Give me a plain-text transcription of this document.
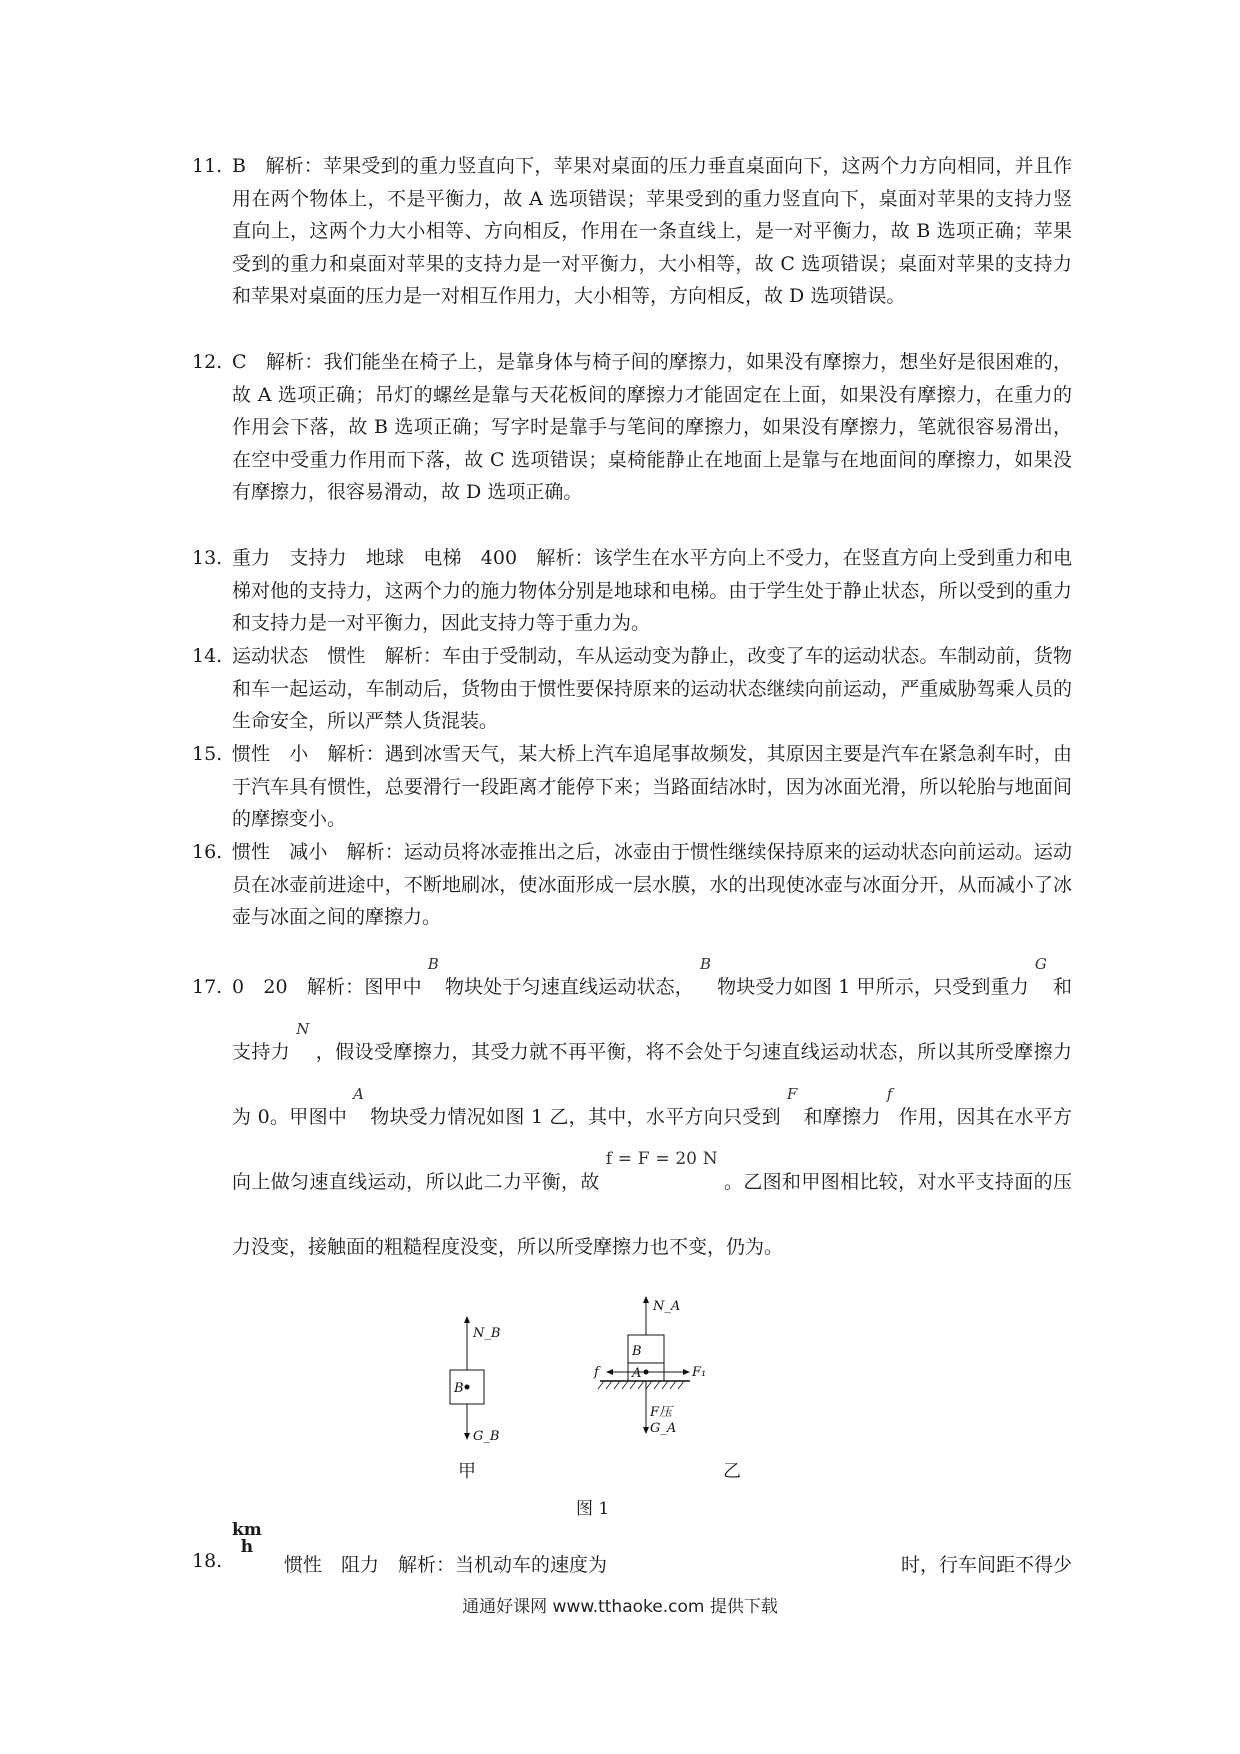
11. B　解析：苹果受到的重力竖直向下，苹果对桌面的压力垂直桌面向下，这两个力方向相同，并且作用在两个物体上，不是平衡力，故 A 选项错误；苹果受到的重力竖直向下，桌面对苹果的支持力竖直向上，这两个力大小相等、方向相反，作用在一条直线上，是一对平衡力，故 B 选项正确；苹果受到的重力和桌面对苹果的支持力是一对平衡力，大小相等，故 C 选项错误；桌面对苹果的支持力和苹果对桌面的压力是一对相互作用力，大小相等，方向相反，故 D 选项错误。
12. C　解析：我们能坐在椅子上，是靠身体与椅子间的摩擦力，如果没有摩擦力，想坐好是很困难的，故 A 选项正确；吊灯的螺丝是靠与天花板间的摩擦力才能固定在上面，如果没有摩擦力，在重力的作用会下落，故 B 选项正确；写字时是靠手与笔间的摩擦力，如果没有摩擦力，笔就很容易滑出，在空中受重力作用而下落，故 C 选项错误；桌椅能静止在地面上是靠与在地面间的摩擦力，如果没有摩擦力，很容易滑动，故 D 选项正确。
13. 重力　支持力　地球　电梯　400　解析：该学生在水平方向上不受力，在竖直方向上受到重力和电梯对他的支持力，这两个力的施力物体分别是地球和电梯。由于学生处于静止状态，所以受到的重力和支持力是一对平衡力，因此支持力等于重力为。
14. 运动状态　惯性　解析：车由于受制动，车从运动变为静止，改变了车的运动状态。车制动前，货物和车一起运动，车制动后，货物由于惯性要保持原来的运动状态继续向前运动，严重威胁驾乘人员的生命安全，所以严禁人货混装。
15. 惯性　小　解析：遇到冰雪天气，某大桥上汽车追尾事故频发，其原因主要是汽车在紧急刹车时，由于汽车具有惯性，总要滑行一段距离才能停下来；当路面结冰时，因为冰面光滑，所以轮胎与地面间的摩擦变小。
16. 惯性　减小　解析：运动员将冰壶推出之后，冰壶由于惯性继续保持原来的运动状态向前运动。运动员在冰壶前进途中，不断地刷冰，使冰面形成一层水膜，水的出现使冰壶与冰面分开，从而减小了冰壶与冰面之间的摩擦力。
17. 0　20　解析：图甲中$^B$物块处于匀速直线运动状态，$^B$物块受力如图 1 甲所示，只受到重力$^G$和支持力$^N$，假设受摩擦力，其受力就不再平衡，将不会处于匀速直线运动状态，所以其所受摩擦力为 0。甲图中$^A$物块受力情况如图 1 乙，其中，水平方向只受到$^F$和摩擦力$^f$作用，因其在水平方向上做匀速直线运动，所以此二力平衡，故f = F = 20 N。乙图和甲图相比较，对水平支持面的压力没变，接触面的粗糙程度没变，所以所受摩擦力也不变，仍为。
N_B
B
G_B
N_A
B
A	F₁
f
F压
G_A
甲	乙
图 1
18.
km
h
惯性　阻力　解析：当机动车的速度为	时，行车间距不得少
通通好课网 www.tthaoke.com 提供下载
